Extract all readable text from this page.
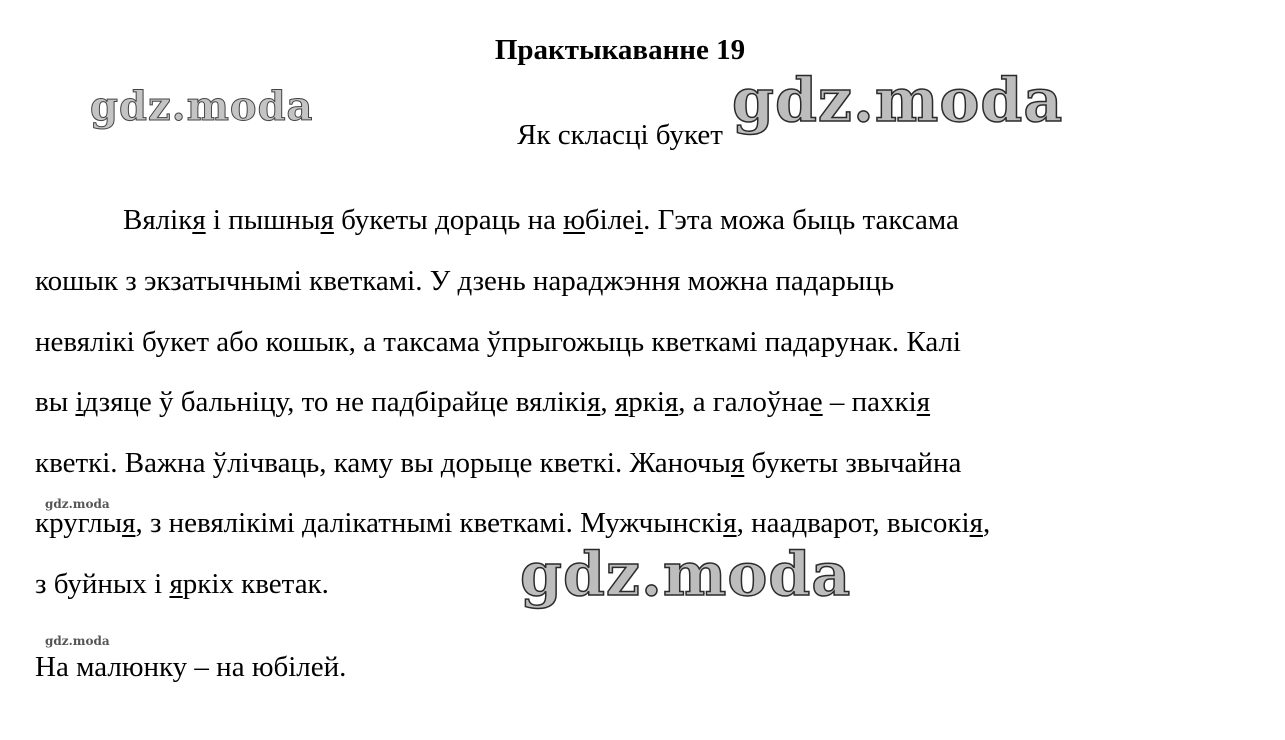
Практыкаванне 19
Як скласці букет
Вялікя і пышныя букеты дораць на юбілеі. Гэта можа быць таксама
кошык з экзатычнымі кветкамі. У дзень нараджэння можна падарыць
невялікі букет або кошык, а таксама ўпрыгожыць кветкамі падарунак. Калі
вы ідзяце ў бальніцу, то не падбірайце вялікія, яркія, а галоўнае – пахкія
кветкі. Важна ўлічваць, каму вы дорыце кветкі. Жаночыя букеты звычайна
круглыя, з невялікімі далікатнымі кветкамі. Мужчынскія, наадварот, высокія,
з буйных і яркіх кветак.
На малюнку – на юбілей.
gdz.moda	gdz.moda
gdz.moda
gdz.moda
gdz.moda
